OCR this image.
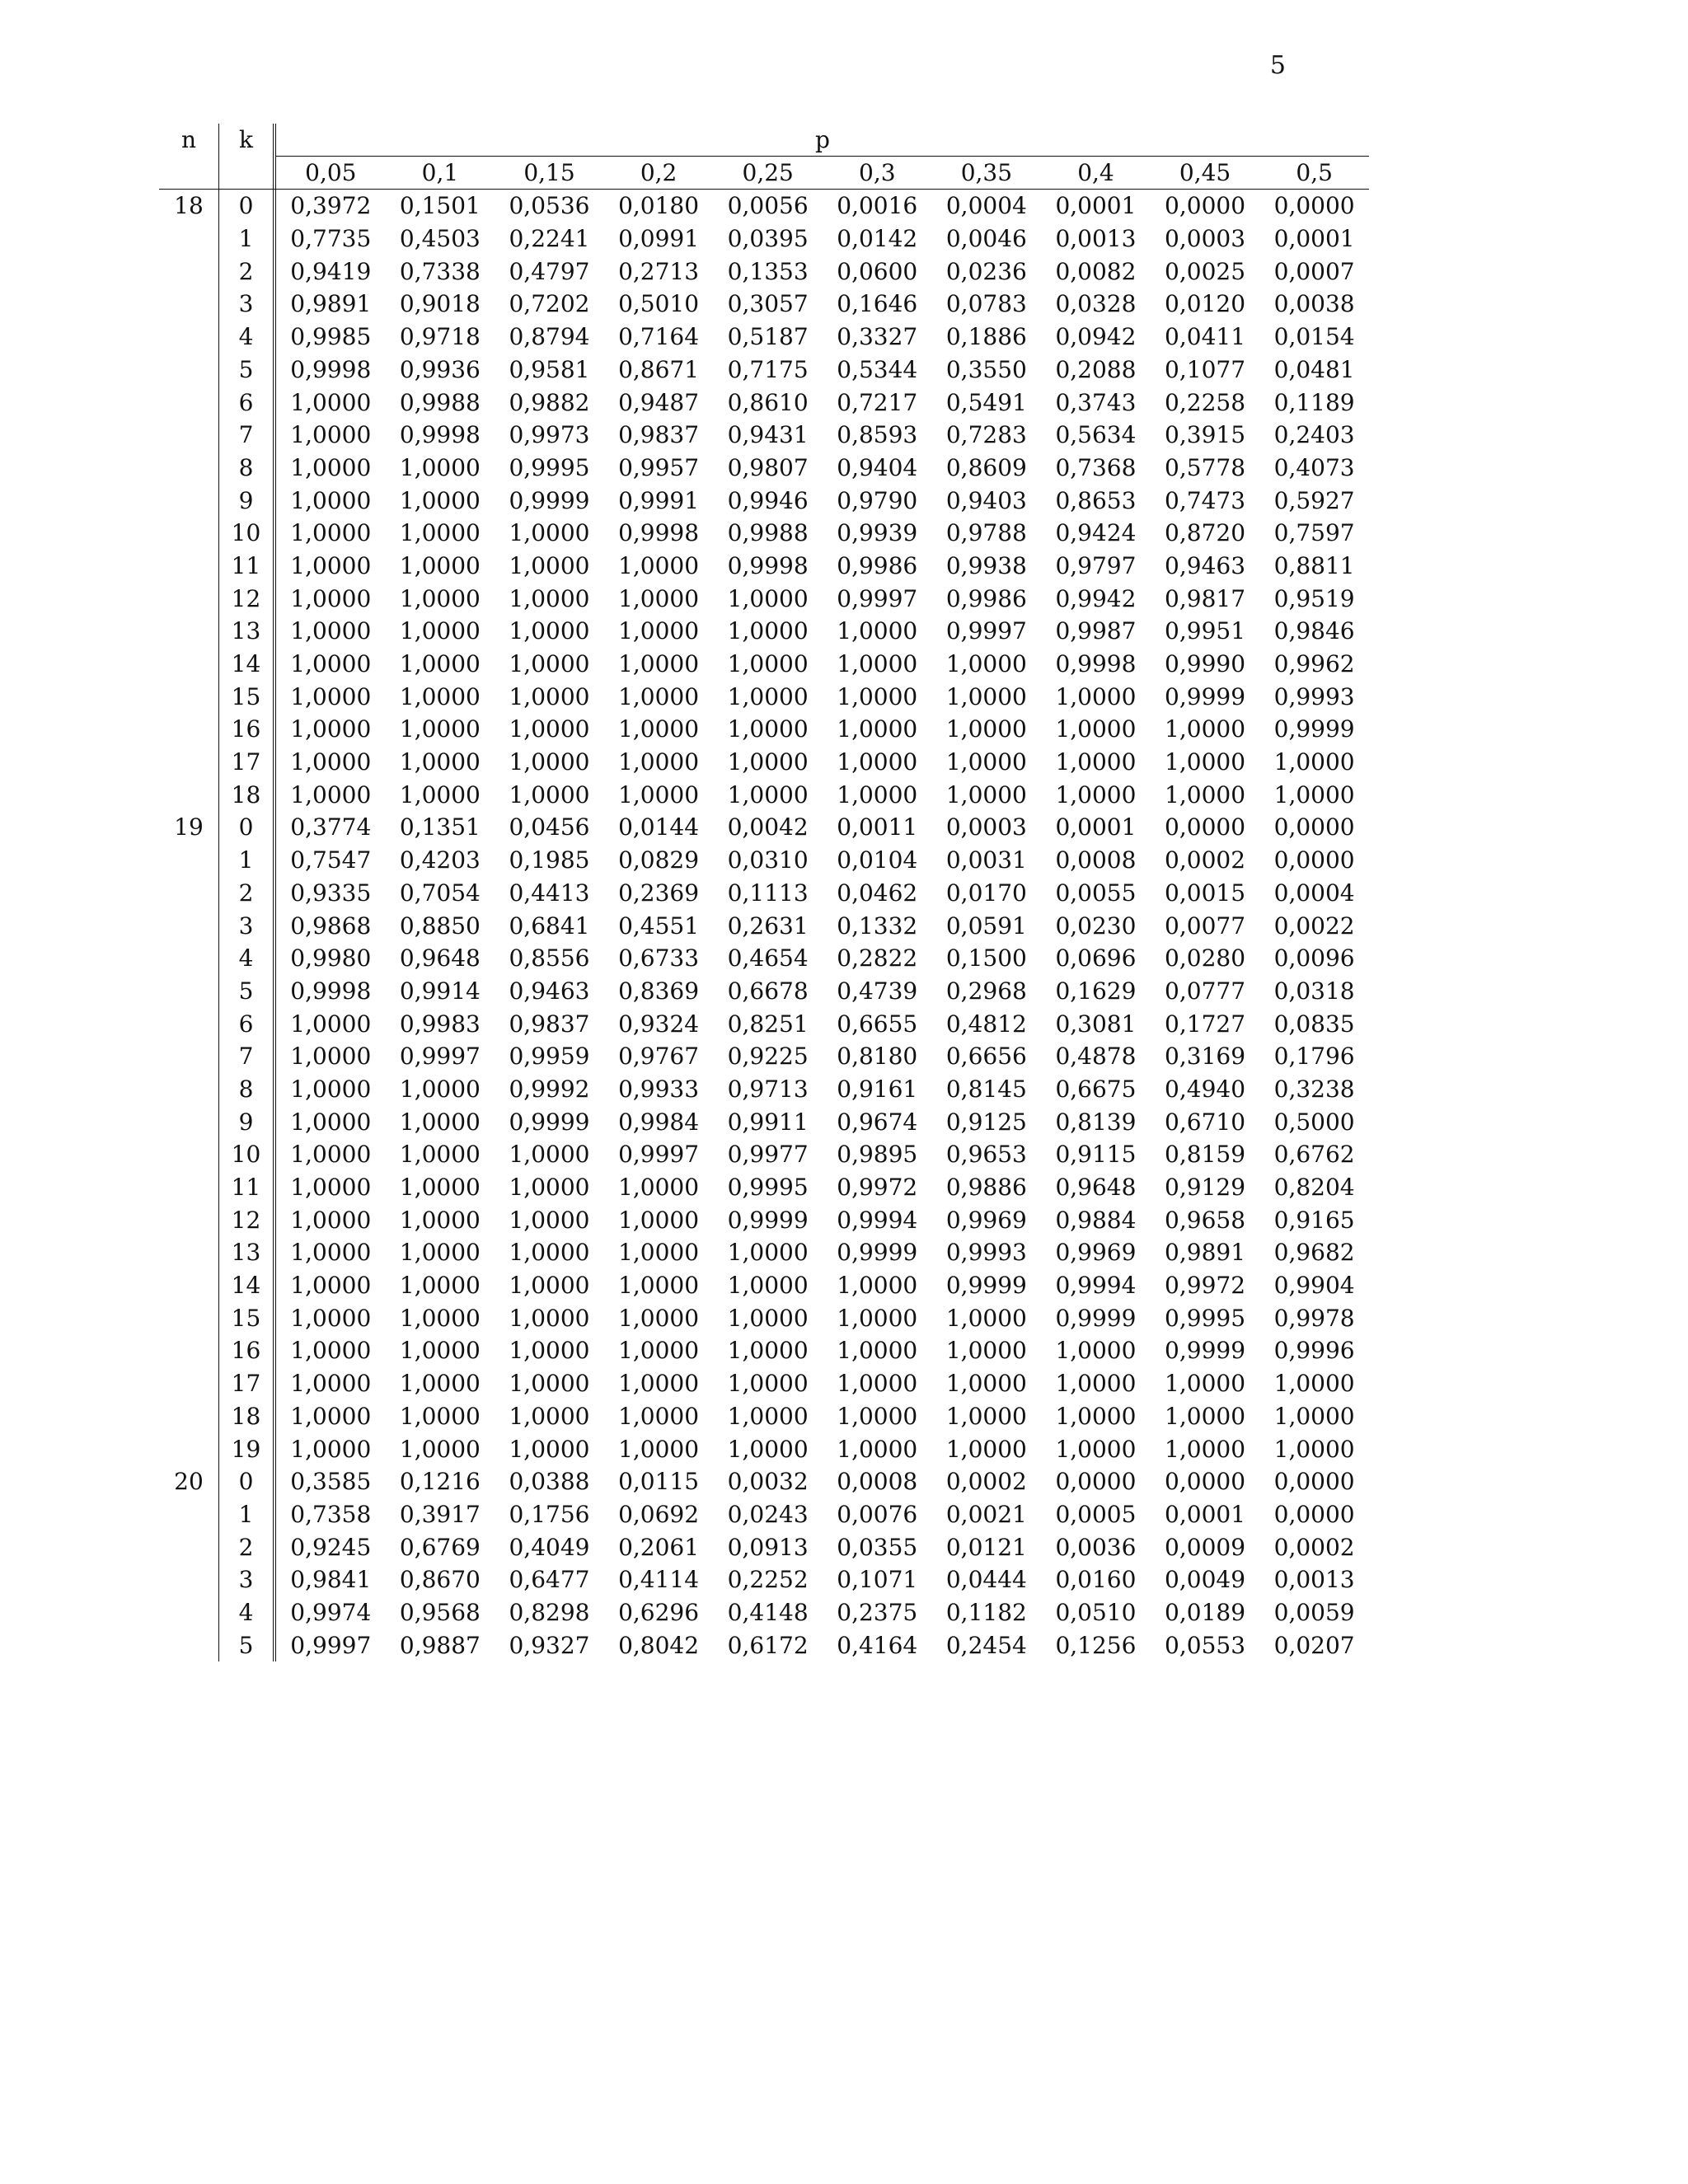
5
n	k	p
0,05	0,1	0,15	0,2	0,25	0,3	0,35	0,4	0,45	0,5
18	0	0,3972	0,1501	0,0536	0,0180	0,0056	0,0016	0,0004	0,0001	0,0000	0,0000
1	0,7735	0,4503	0,2241	0,0991	0,0395	0,0142	0,0046	0,0013	0,0003	0,0001
2	0,9419	0,7338	0,4797	0,2713	0,1353	0,0600	0,0236	0,0082	0,0025	0,0007
3	0,9891	0,9018	0,7202	0,5010	0,3057	0,1646	0,0783	0,0328	0,0120	0,0038
4	0,9985	0,9718	0,8794	0,7164	0,5187	0,3327	0,1886	0,0942	0,0411	0,0154
5	0,9998	0,9936	0,9581	0,8671	0,7175	0,5344	0,3550	0,2088	0,1077	0,0481
6	1,0000	0,9988	0,9882	0,9487	0,8610	0,7217	0,5491	0,3743	0,2258	0,1189
7	1,0000	0,9998	0,9973	0,9837	0,9431	0,8593	0,7283	0,5634	0,3915	0,2403
8	1,0000	1,0000	0,9995	0,9957	0,9807	0,9404	0,8609	0,7368	0,5778	0,4073
9	1,0000	1,0000	0,9999	0,9991	0,9946	0,9790	0,9403	0,8653	0,7473	0,5927
10	1,0000	1,0000	1,0000	0,9998	0,9988	0,9939	0,9788	0,9424	0,8720	0,7597
11	1,0000	1,0000	1,0000	1,0000	0,9998	0,9986	0,9938	0,9797	0,9463	0,8811
12	1,0000	1,0000	1,0000	1,0000	1,0000	0,9997	0,9986	0,9942	0,9817	0,9519
13	1,0000	1,0000	1,0000	1,0000	1,0000	1,0000	0,9997	0,9987	0,9951	0,9846
14	1,0000	1,0000	1,0000	1,0000	1,0000	1,0000	1,0000	0,9998	0,9990	0,9962
15	1,0000	1,0000	1,0000	1,0000	1,0000	1,0000	1,0000	1,0000	0,9999	0,9993
16	1,0000	1,0000	1,0000	1,0000	1,0000	1,0000	1,0000	1,0000	1,0000	0,9999
17	1,0000	1,0000	1,0000	1,0000	1,0000	1,0000	1,0000	1,0000	1,0000	1,0000
18	1,0000	1,0000	1,0000	1,0000	1,0000	1,0000	1,0000	1,0000	1,0000	1,0000
19	0	0,3774	0,1351	0,0456	0,0144	0,0042	0,0011	0,0003	0,0001	0,0000	0,0000
1	0,7547	0,4203	0,1985	0,0829	0,0310	0,0104	0,0031	0,0008	0,0002	0,0000
2	0,9335	0,7054	0,4413	0,2369	0,1113	0,0462	0,0170	0,0055	0,0015	0,0004
3	0,9868	0,8850	0,6841	0,4551	0,2631	0,1332	0,0591	0,0230	0,0077	0,0022
4	0,9980	0,9648	0,8556	0,6733	0,4654	0,2822	0,1500	0,0696	0,0280	0,0096
5	0,9998	0,9914	0,9463	0,8369	0,6678	0,4739	0,2968	0,1629	0,0777	0,0318
6	1,0000	0,9983	0,9837	0,9324	0,8251	0,6655	0,4812	0,3081	0,1727	0,0835
7	1,0000	0,9997	0,9959	0,9767	0,9225	0,8180	0,6656	0,4878	0,3169	0,1796
8	1,0000	1,0000	0,9992	0,9933	0,9713	0,9161	0,8145	0,6675	0,4940	0,3238
9	1,0000	1,0000	0,9999	0,9984	0,9911	0,9674	0,9125	0,8139	0,6710	0,5000
10	1,0000	1,0000	1,0000	0,9997	0,9977	0,9895	0,9653	0,9115	0,8159	0,6762
11	1,0000	1,0000	1,0000	1,0000	0,9995	0,9972	0,9886	0,9648	0,9129	0,8204
12	1,0000	1,0000	1,0000	1,0000	0,9999	0,9994	0,9969	0,9884	0,9658	0,9165
13	1,0000	1,0000	1,0000	1,0000	1,0000	0,9999	0,9993	0,9969	0,9891	0,9682
14	1,0000	1,0000	1,0000	1,0000	1,0000	1,0000	0,9999	0,9994	0,9972	0,9904
15	1,0000	1,0000	1,0000	1,0000	1,0000	1,0000	1,0000	0,9999	0,9995	0,9978
16	1,0000	1,0000	1,0000	1,0000	1,0000	1,0000	1,0000	1,0000	0,9999	0,9996
17	1,0000	1,0000	1,0000	1,0000	1,0000	1,0000	1,0000	1,0000	1,0000	1,0000
18	1,0000	1,0000	1,0000	1,0000	1,0000	1,0000	1,0000	1,0000	1,0000	1,0000
19	1,0000	1,0000	1,0000	1,0000	1,0000	1,0000	1,0000	1,0000	1,0000	1,0000
20	0	0,3585	0,1216	0,0388	0,0115	0,0032	0,0008	0,0002	0,0000	0,0000	0,0000
1	0,7358	0,3917	0,1756	0,0692	0,0243	0,0076	0,0021	0,0005	0,0001	0,0000
2	0,9245	0,6769	0,4049	0,2061	0,0913	0,0355	0,0121	0,0036	0,0009	0,0002
3	0,9841	0,8670	0,6477	0,4114	0,2252	0,1071	0,0444	0,0160	0,0049	0,0013
4	0,9974	0,9568	0,8298	0,6296	0,4148	0,2375	0,1182	0,0510	0,0189	0,0059
5	0,9997	0,9887	0,9327	0,8042	0,6172	0,4164	0,2454	0,1256	0,0553	0,0207
